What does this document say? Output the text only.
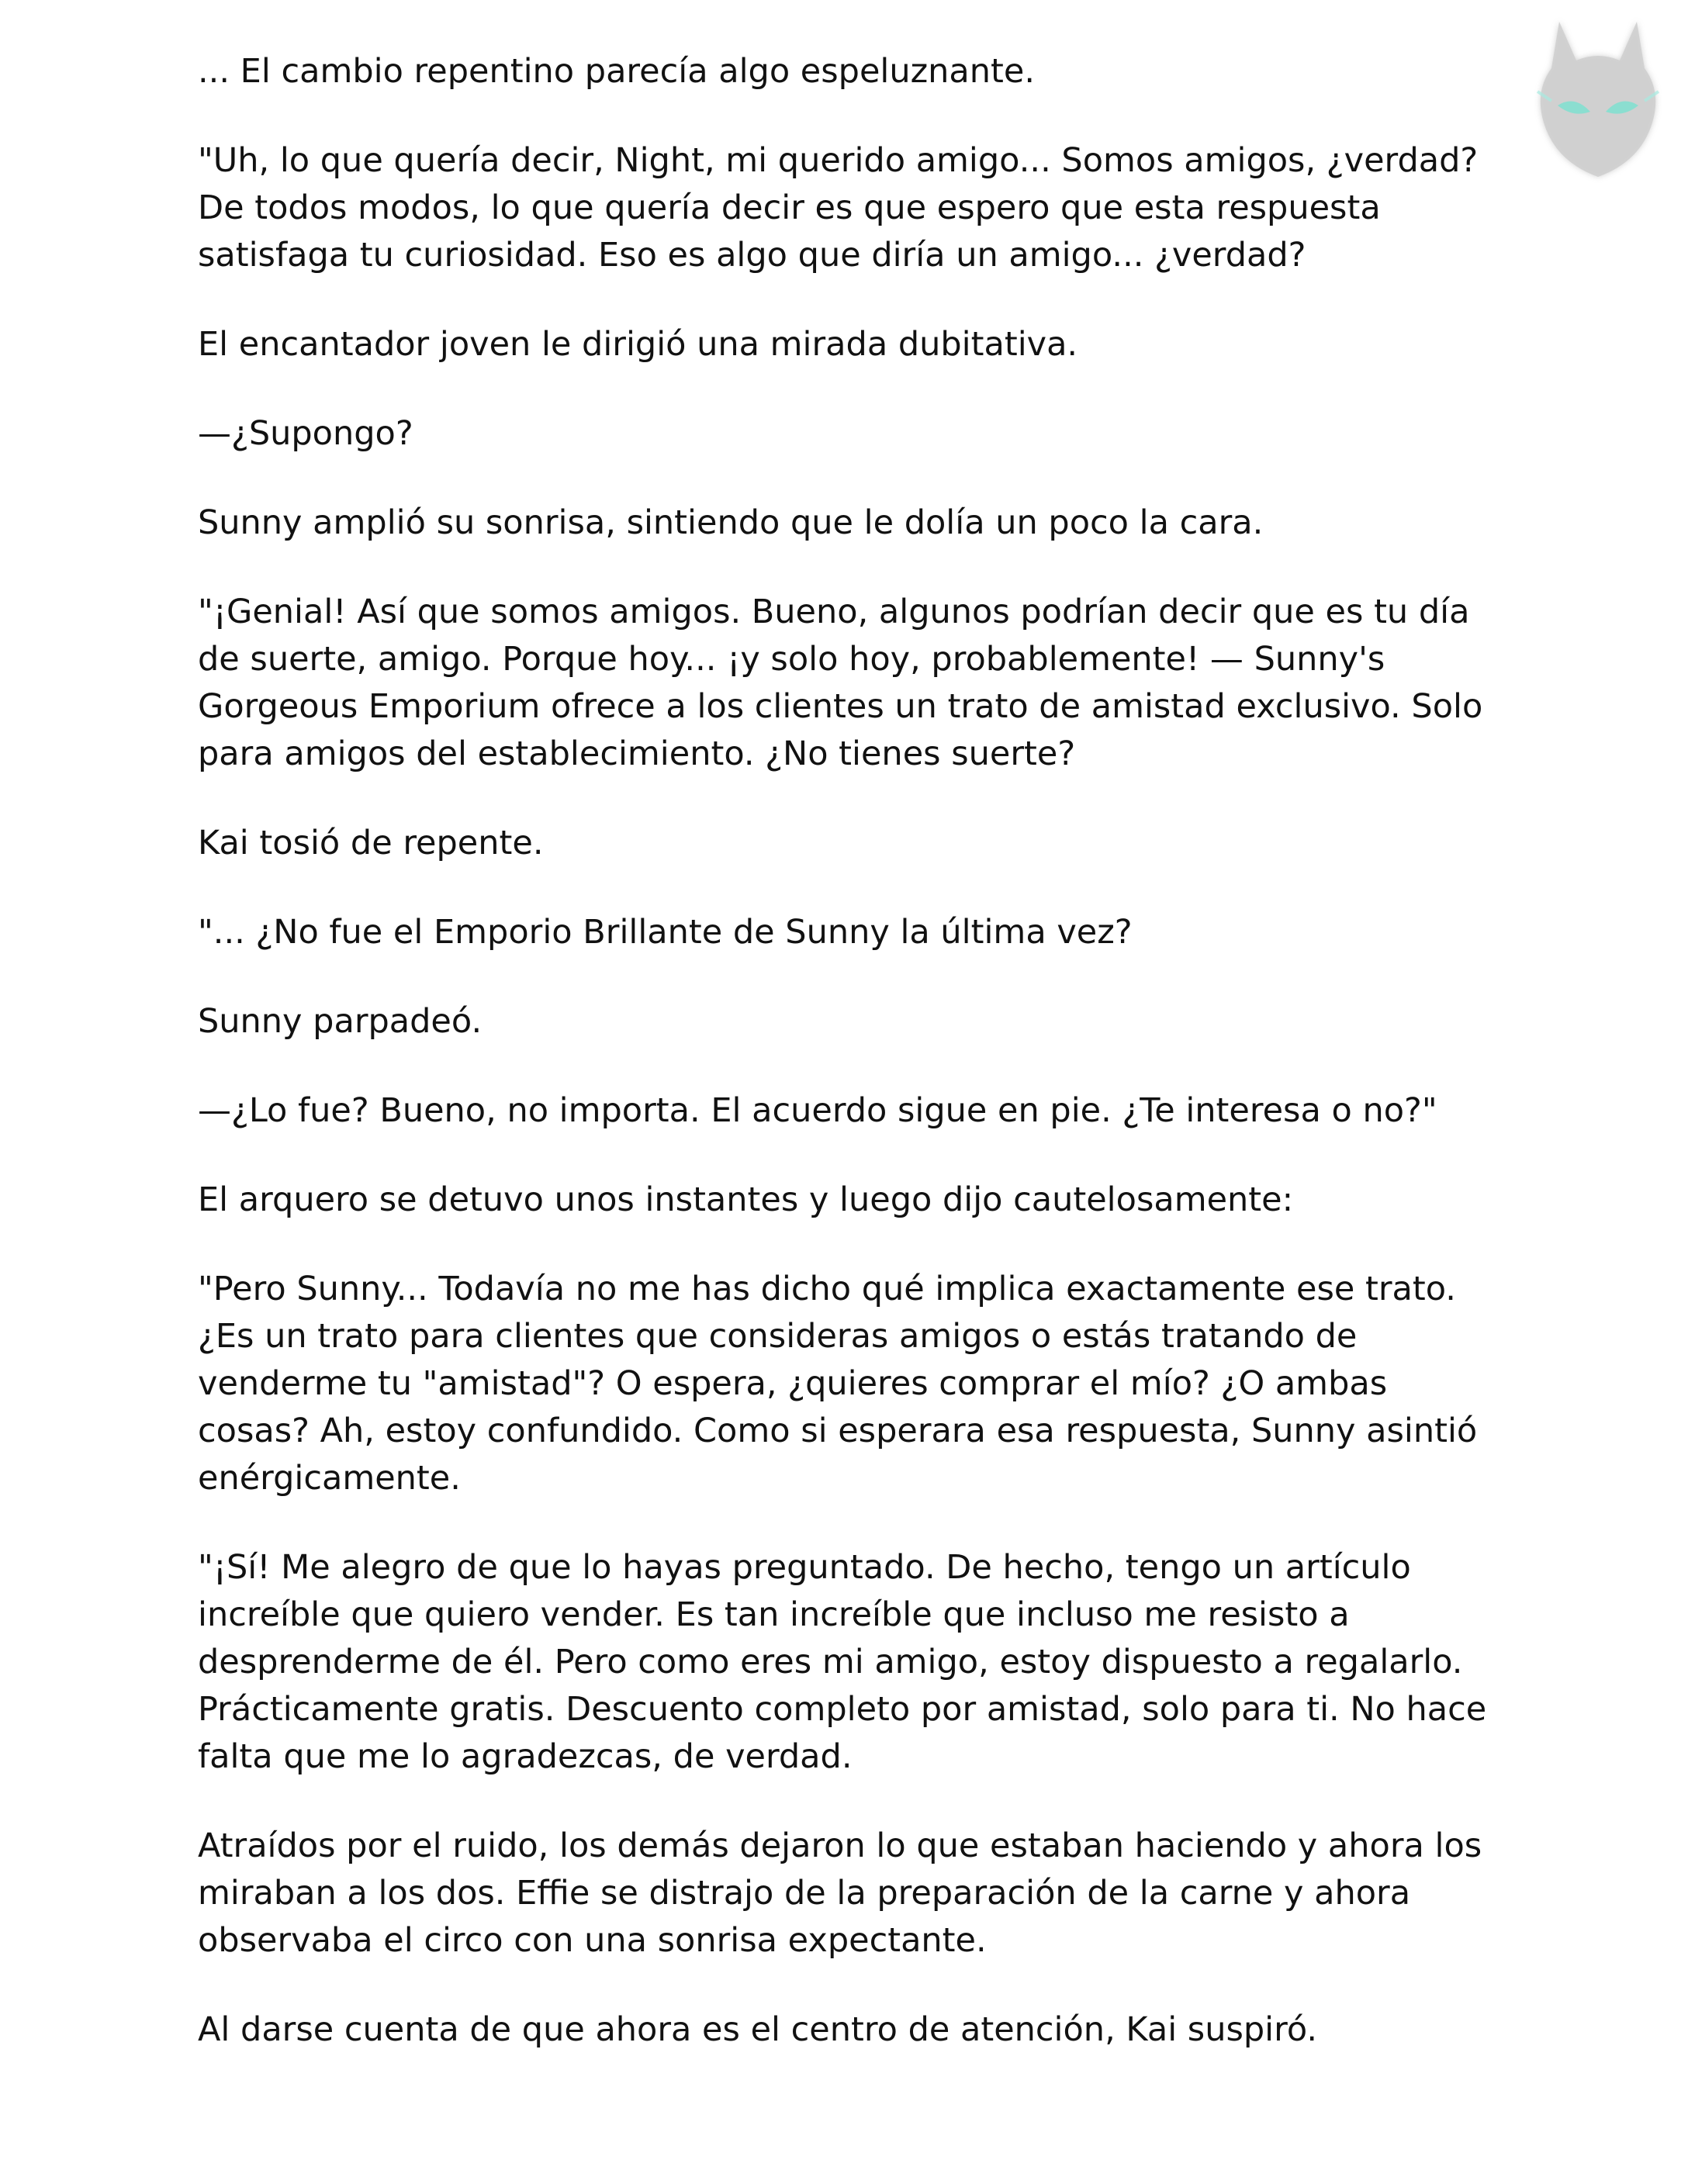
... El cambio repentino parecía algo espeluznante.

"Uh, lo que quería decir, Night, mi querido amigo... Somos amigos, ¿verdad? De todos modos, lo que quería decir es que espero que esta respuesta satisfaga tu curiosidad. Eso es algo que diría un amigo... ¿verdad?

El encantador joven le dirigió una mirada dubitativa.

—¿Supongo?

Sunny amplió su sonrisa, sintiendo que le dolía un poco la cara.

"¡Genial! Así que somos amigos. Bueno, algunos podrían decir que es tu día de suerte, amigo. Porque hoy... ¡y solo hoy, probablemente! — Sunny's Gorgeous Emporium ofrece a los clientes un trato de amistad exclusivo. Solo para amigos del establecimiento. ¿No tienes suerte?

Kai tosió de repente.

"... ¿No fue el Emporio Brillante de Sunny la última vez?

Sunny parpadeó.

—¿Lo fue? Bueno, no importa. El acuerdo sigue en pie. ¿Te interesa o no?"

El arquero se detuvo unos instantes y luego dijo cautelosamente:

"Pero Sunny... Todavía no me has dicho qué implica exactamente ese trato. ¿Es un trato para clientes que consideras amigos o estás tratando de venderme tu "amistad"? O espera, ¿quieres comprar el mío? ¿O ambas cosas? Ah, estoy confundido. Como si esperara esa respuesta, Sunny asintió enérgicamente.

"¡Sí! Me alegro de que lo hayas preguntado. De hecho, tengo un artículo increíble que quiero vender. Es tan increíble que incluso me resisto a desprenderme de él. Pero como eres mi amigo, estoy dispuesto a regalarlo. Prácticamente gratis. Descuento completo por amistad, solo para ti. No hace falta que me lo agradezcas, de verdad.

Atraídos por el ruido, los demás dejaron lo que estaban haciendo y ahora los miraban a los dos. Effie se distrajo de la preparación de la carne y ahora observaba el circo con una sonrisa expectante.

Al darse cuenta de que ahora es el centro de atención, Kai suspiró.
